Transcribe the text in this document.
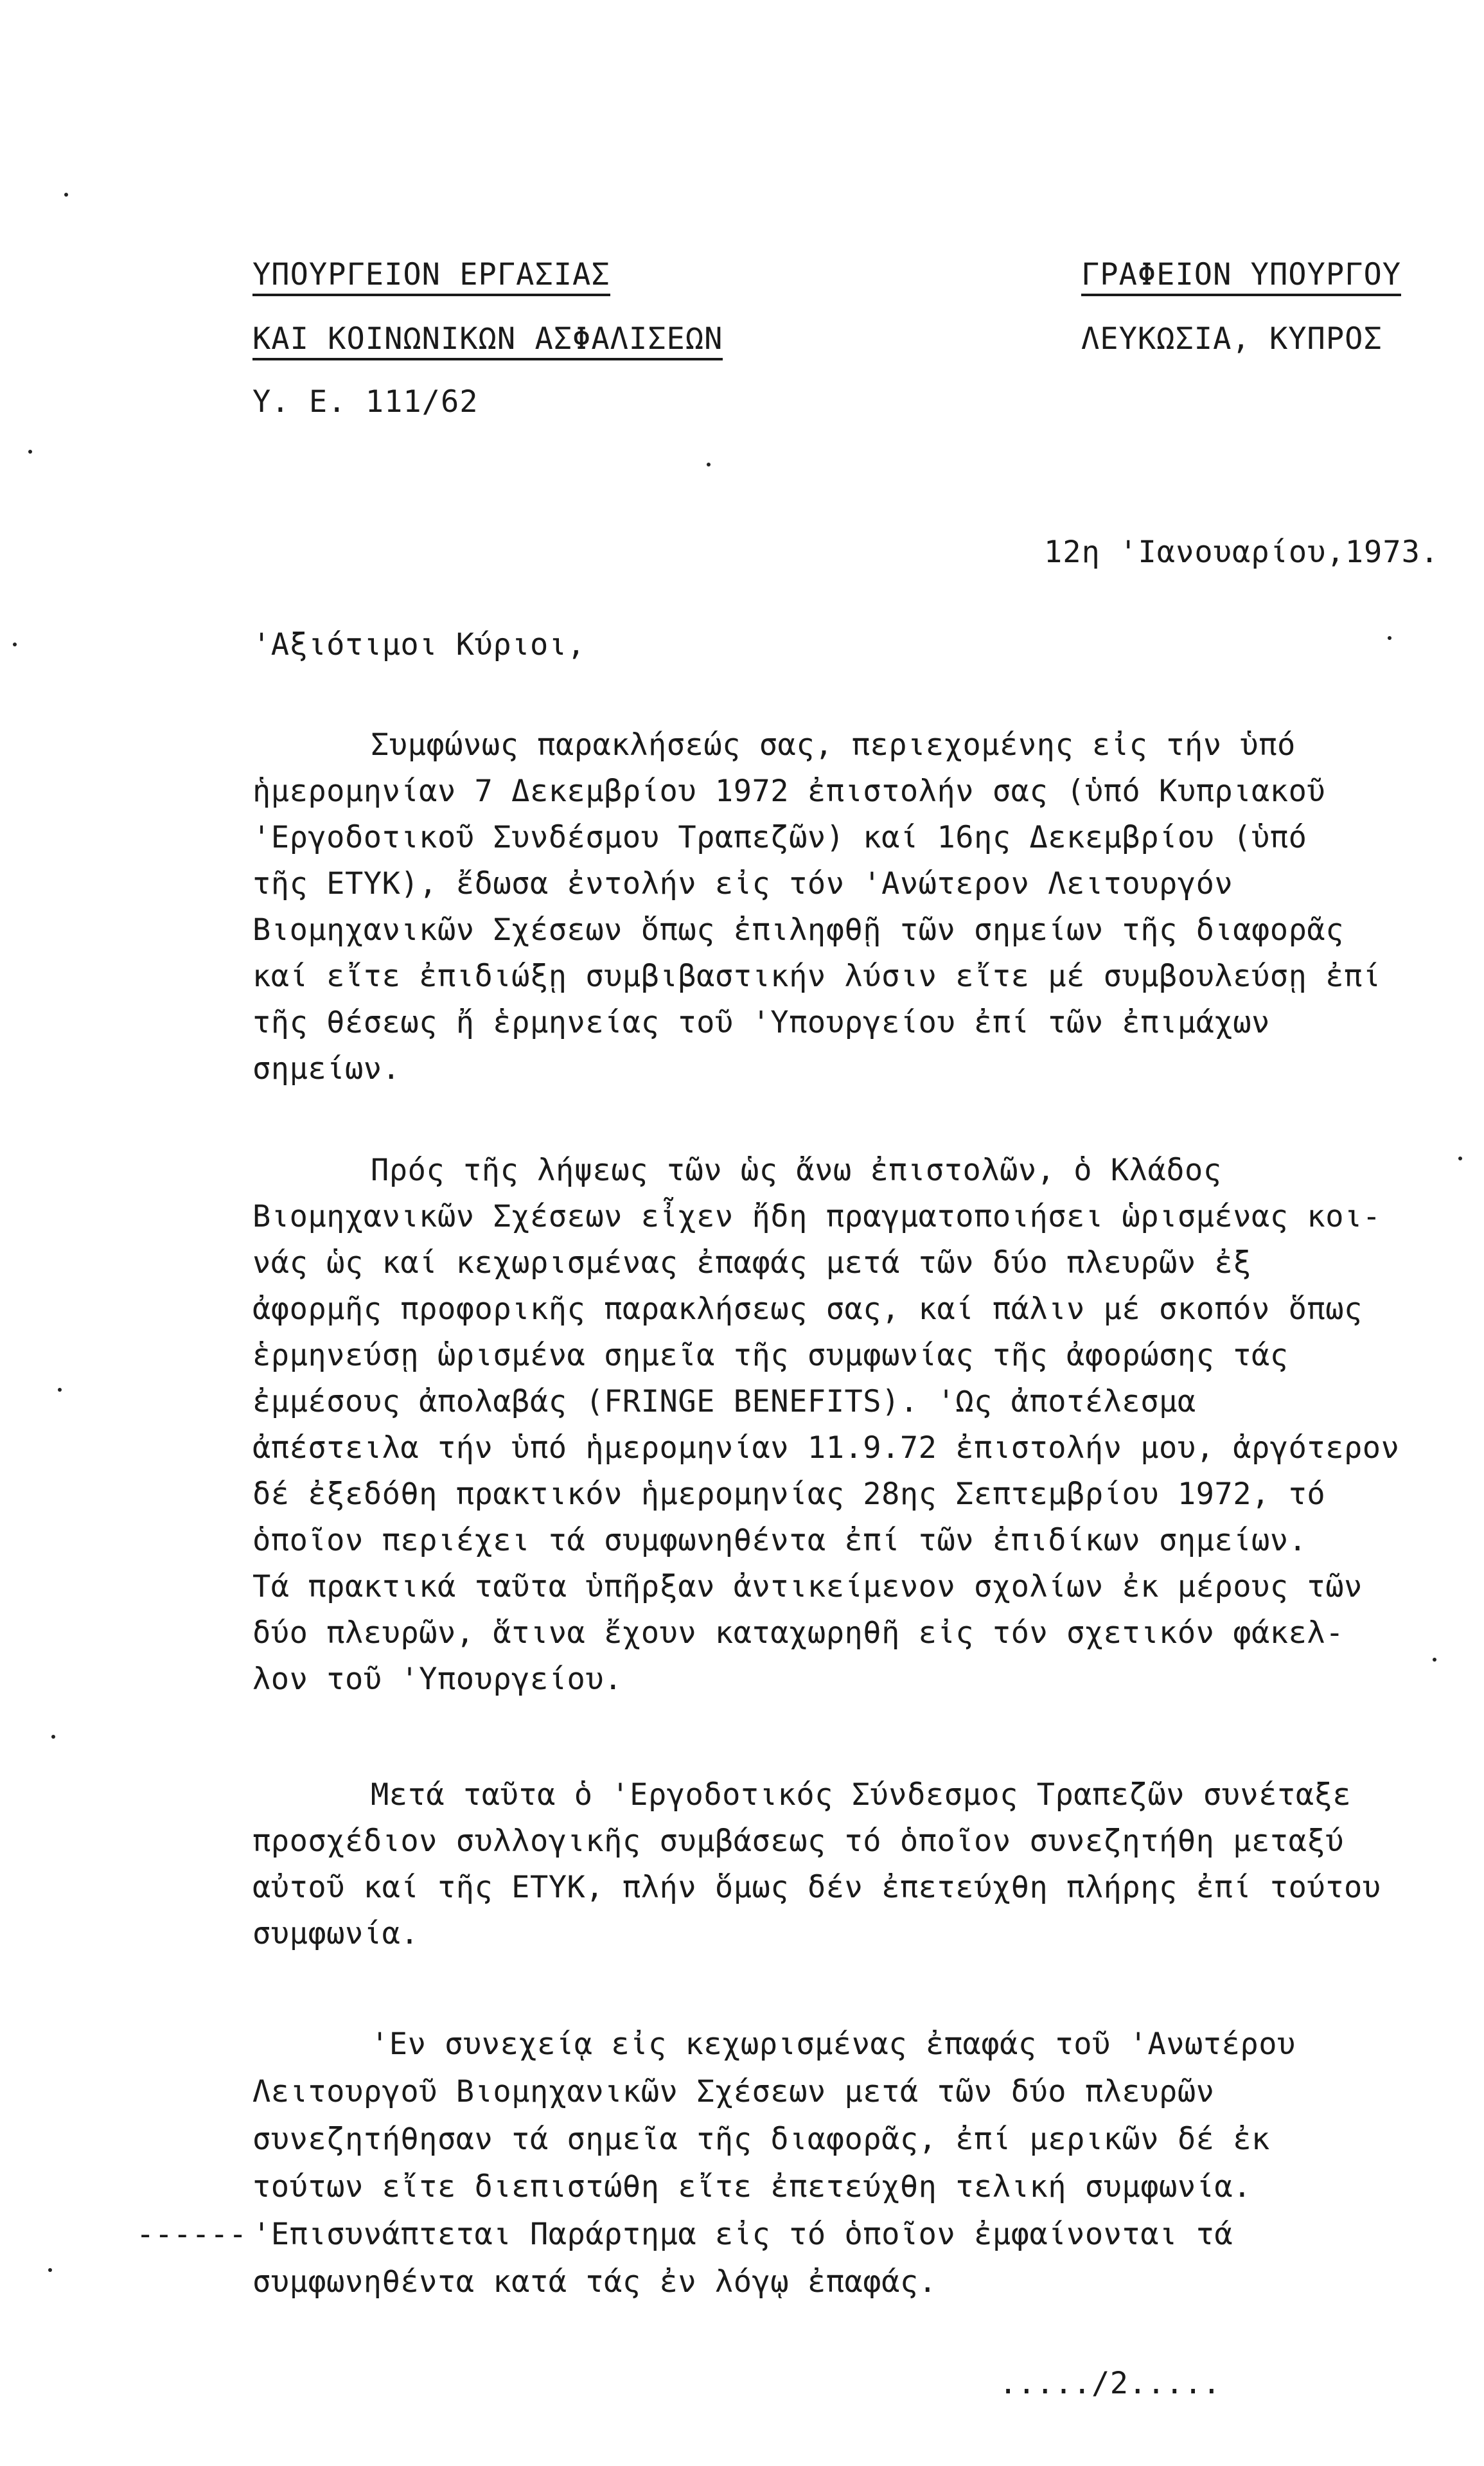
ΥΠΟΥΡΓΕΙΟΝ ΕΡΓΑΣΙΑΣ
ΚΑΙ ΚΟΙΝΩΝΙΚΩΝ ΑΣΦΑΛΙΣΕΩΝ
Υ. Ε. 111/62
ΓΡΑΦΕΙΟΝ ΥΠΟΥΡΓΟΥ
ΛΕΥΚΩΣΙΑ, ΚΥΠΡΟΣ
12η 'Ιανουαρίου,1973.
'Αξιότιμοι Κύριοι,
Συμφώνως παρακλήσεώς σας, περιεχομένης εἰς τήν ὑπό
ἡμερομηνίαν 7 Δεκεμβρίου 1972 ἐπιστολήν σας (ὑπό Κυπριακοῦ
'Εργοδοτικοῦ Συνδέσμου Τραπεζῶν) καί 16ης Δεκεμβρίου (ὑπό
τῆς ΕΤΥΚ), ἔδωσα ἐντολήν εἰς τόν 'Ανώτερον Λειτουργόν
Βιομηχανικῶν Σχέσεων ὅπως ἐπιληφθῇ τῶν σημείων τῆς διαφορᾶς
καί εἴτε ἐπιδιώξῃ συμβιβαστικήν λύσιν εἴτε μέ συμβουλεύσῃ ἐπί
τῆς θέσεως ἤ ἑρμηνείας τοῦ 'Υπουργείου ἐπί τῶν ἐπιμάχων
σημείων.
Πρός τῆς λήψεως τῶν ὡς ἄνω ἐπιστολῶν, ὁ Κλάδος
Βιομηχανικῶν Σχέσεων εἶχεν ἤδη πραγματοποιήσει ὡρισμένας κοι-
νάς ὡς καί κεχωρισμένας ἐπαφάς μετά τῶν δύο πλευρῶν ἐξ
ἀφορμῆς προφορικῆς παρακλήσεως σας, καί πάλιν μέ σκοπόν ὅπως
ἑρμηνεύσῃ ὡρισμένα σημεῖα τῆς συμφωνίας τῆς ἀφορώσης τάς
ἐμμέσους ἀπολαβάς (FRINGE BENEFITS). 'Ως ἀποτέλεσμα
ἀπέστειλα τήν ὑπό ἡμερομηνίαν 11.9.72 ἐπιστολήν μου, ἀργότερον
δέ ἐξεδόθη πρακτικόν ἡμερομηνίας 28ης Σεπτεμβρίου 1972, τό
ὁποῖον περιέχει τά συμφωνηθέντα ἐπί τῶν ἐπιδίκων σημείων.
Τά πρακτικά ταῦτα ὑπῆρξαν ἀντικείμενον σχολίων ἐκ μέρους τῶν
δύο πλευρῶν, ἅτινα ἔχουν καταχωρηθῆ εἰς τόν σχετικόν φάκελ-
λον τοῦ 'Υπουργείου.
Μετά ταῦτα ὁ 'Εργοδοτικός Σύνδεσμος Τραπεζῶν συνέταξε
προσχέδιον συλλογικῆς συμβάσεως τό ὁποῖον συνεζητήθη μεταξύ
αὐτοῦ καί τῆς ΕΤΥΚ, πλήν ὅμως δέν ἐπετεύχθη πλήρης ἐπί τούτου
συμφωνία.
'Εν συνεχείᾳ εἰς κεχωρισμένας ἐπαφάς τοῦ 'Ανωτέρου
Λειτουργοῦ Βιομηχανικῶν Σχέσεων μετά τῶν δύο πλευρῶν
συνεζητήθησαν τά σημεῖα τῆς διαφορᾶς, ἐπί μερικῶν δέ ἐκ
τούτων εἴτε διεπιστώθη εἴτε ἐπετεύχθη τελική συμφωνία.
'Επισυνάπτεται Παράρτημα εἰς τό ὁποῖον ἐμφαίνονται τά
συμφωνηθέντα κατά τάς ἐν λόγῳ ἐπαφάς.
------
...../2.....
